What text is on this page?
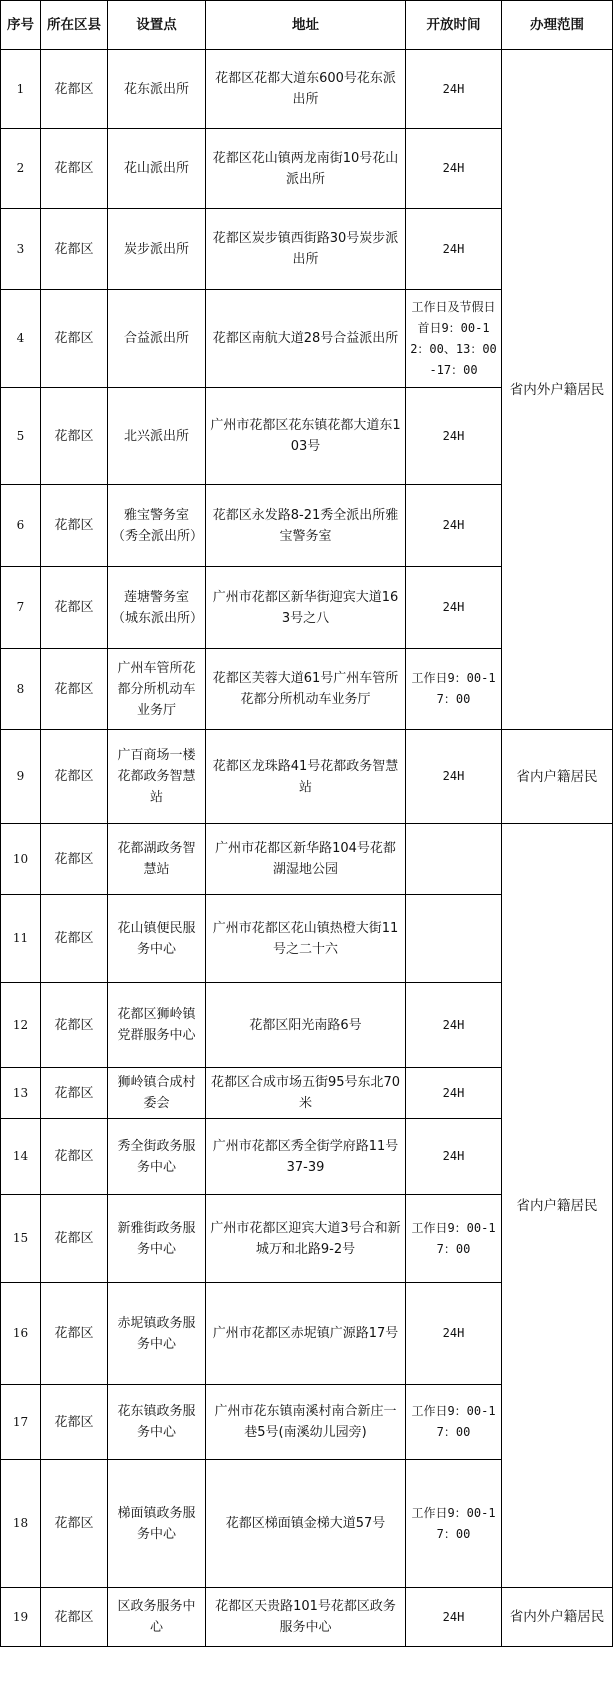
序号	所在区县	设置点	地址	开放时间	办理范围
1	花都区	花东派出所	花都区花都大道东600号花东派出所	24H	省内外户籍居民
2	花都区	花山派出所	花都区花山镇两龙南街10号花山派出所	24H	
3	花都区	炭步派出所	花都区炭步镇西街路30号炭步派出所	24H	
4	花都区	合益派出所	花都区南航大道28号合益派出所	工作日及节假日首日9：00-12：00、13：00-17：00	
5	花都区	北兴派出所	广州市花都区花东镇花都大道东103号	24H	
6	花都区	雅宝警务室（秀全派出所）	花都区永发路8-21秀全派出所雅宝警务室	24H	
7	花都区	莲塘警务室（城东派出所）	广州市花都区新华街迎宾大道163号之八	24H	
8	花都区	广州车管所花都分所机动车业务厅	花都区芙蓉大道61号广州车管所花都分所机动车业务厅	工作日9：00-17：00	
9	花都区	广百商场一楼花都政务智慧站	花都区龙珠路41号花都政务智慧站	24H	省内户籍居民
10	花都区	花都湖政务智慧站	广州市花都区新华路104号花都湖湿地公园		省内户籍居民
11	花都区	花山镇便民服务中心	广州市花都区花山镇热橙大街11号之二十六		
12	花都区	花都区狮岭镇党群服务中心	花都区阳光南路6号	24H	
13	花都区	狮岭镇合成村委会	花都区合成市场五街95号东北70米	24H	
14	花都区	秀全街政务服务中心	广州市花都区秀全街学府路11号37-39	24H	
15	花都区	新雅街政务服务中心	广州市花都区迎宾大道3号合和新城万和北路9-2号	工作日9：00-17：00	
16	花都区	赤坭镇政务服务中心	广州市花都区赤坭镇广源路17号	24H	
17	花都区	花东镇政务服务中心	广州市花东镇南溪村南合新庄一巷5号(南溪幼儿园旁)	工作日9：00-17：00	
18	花都区	梯面镇政务服务中心	花都区梯面镇金梯大道57号	工作日9：00-17：00	
19	花都区	区政务服务中心	花都区天贵路101号花都区政务服务中心	24H	省内外户籍居民
